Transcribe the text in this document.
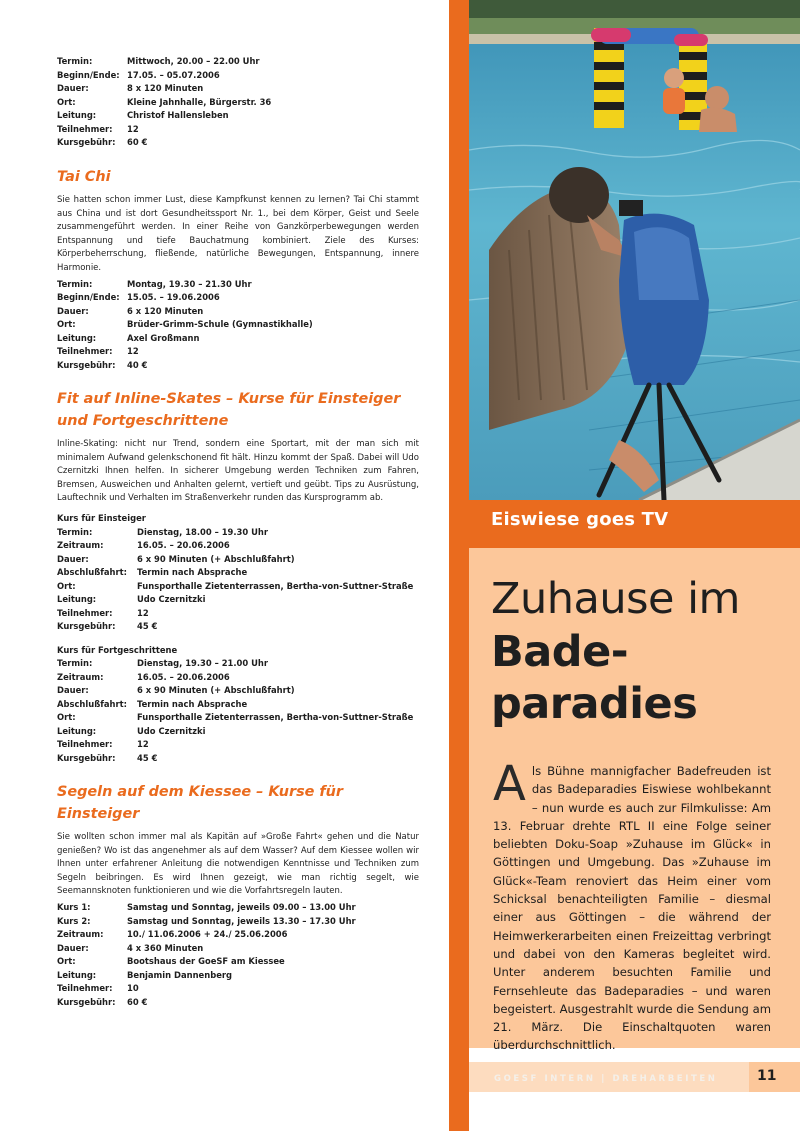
Termin:	Mittwoch, 20.00 – 22.00 Uhr
Beginn/Ende: 17.05. – 05.07.2006
Dauer:	8 x 120 Minuten
Ort:	Kleine Jahnhalle, Bürgerstr. 36
Leitung:	Christof Hallensleben
Teilnehmer:	12
Kursgebühr:	60 €
Tai Chi

Sie hatten schon immer Lust, diese Kampfkunst kennen zu lernen? Tai Chi stammt aus China und ist dort Gesundheitssport Nr. 1., bei dem Körper, Geist und Seele zusammengeführt werden. In einer Reihe von Ganzkörperbewegungen werden Entspannung und tiefe Bauchatmung kombiniert. Ziele des Kurses: Körperbeherrschung, fließende, natürliche Bewegungen, Entspannung, innere Harmonie.

Termin:	Montag, 19.30 – 21.30 Uhr
Beginn/Ende: 15.05. – 19.06.2006
Dauer:	6 x 120 Minuten
Ort:	Brüder-Grimm-Schule (Gymnastikhalle)
Leitung:	Axel Großmann
Teilnehmer:	12
Kursgebühr:	40 €
Fit auf Inline-Skates – Kurse für Einsteiger und Fortgeschrittene

Inline-Skating: nicht nur Trend, sondern eine Sportart, mit der man sich mit minimalem Aufwand gelenkschonend fit hält. Hinzu kommt der Spaß. Dabei will Udo Czernitzki Ihnen helfen. In sicherer Umgebung werden Techniken zum Fahren, Bremsen, Ausweichen und Anhalten gelernt, vertieft und geübt. Tips zu Ausrüstung, Lauftechnik und Verhalten im Straßenverkehr runden das Kursprogramm ab.

Kurs für Einsteiger
Termin:	Dienstag, 18.00 – 19.30 Uhr
Zeitraum:	16.05. – 20.06.2006
Dauer:	6 x 90 Minuten (+ Abschlußfahrt)
Abschlußfahrt:	Termin nach Absprache
Ort:	Funsporthalle Zietenterrassen, Bertha-von-Suttner-Straße
Leitung:	Udo Czernitzki
Teilnehmer:	12
Kursgebühr:	45 €
Kurs für Fortgeschrittene
Termin:	Dienstag, 19.30 – 21.00 Uhr
Zeitraum:	16.05. – 20.06.2006
Dauer:	6 x 90 Minuten (+ Abschlußfahrt)
Abschlußfahrt:	Termin nach Absprache
Ort:	Funsporthalle Zietenterrassen, Bertha-von-Suttner-Straße
Leitung:	Udo Czernitzki
Teilnehmer:	12
Kursgebühr:	45 €
Segeln auf dem Kiessee – Kurse für Einsteiger

Sie wollten schon immer mal als Kapitän auf »Große Fahrt« gehen und die Natur genießen? Wo ist das angenehmer als auf dem Wasser? Auf dem Kiessee wollen wir Ihnen unter erfahrener Anleitung die notwendigen Kenntnisse und Techniken zum Segeln beibringen. Es wird Ihnen gezeigt, wie man richtig segelt, wie Seemannsknoten funktionieren und wie die Vorfahrtsregeln lauten.

Kurs 1:	Samstag und Sonntag, jeweils 09.00 – 13.00 Uhr
Kurs 2:	Samstag und Sonntag, jeweils 13.30 – 17.30 Uhr
Zeitraum:	10./ 11.06.2006 + 24./ 25.06.2006
Dauer:	4 x 360 Minuten
Ort:	Bootshaus der GoeSF am Kiessee
Leitung:	Benjamin Dannenberg
Teilnehmer:	10
Kursgebühr:	60 €
Eiswiese goes TV
Zuhause im
Bade-
paradies
A ls Bühne mannigfacher Badefreuden ist das Badeparadies Eiswiese wohlbekannt – nun wurde es auch zur Filmkulisse: Am 13. Februar drehte RTL II eine Folge seiner beliebten Doku-Soap »Zuhause im Glück« in Göttingen und Umgebung. Das »Zuhause im Glück«-Team renoviert das Heim einer vom Schicksal benachteiligten Familie – diesmal einer aus Göttingen – die während der Heimwerkerarbeiten einen Freizeittag verbringt und dabei von den Kameras begleitet wird. Unter anderem besuchten Familie und Fernsehleute das Badeparadies – und waren begeistert. Ausgestrahlt wurde die Sendung am 21. März. Die Einschaltquoten waren überdurchschnittlich.
GOESF INTERN | DREHARBEITEN	11
